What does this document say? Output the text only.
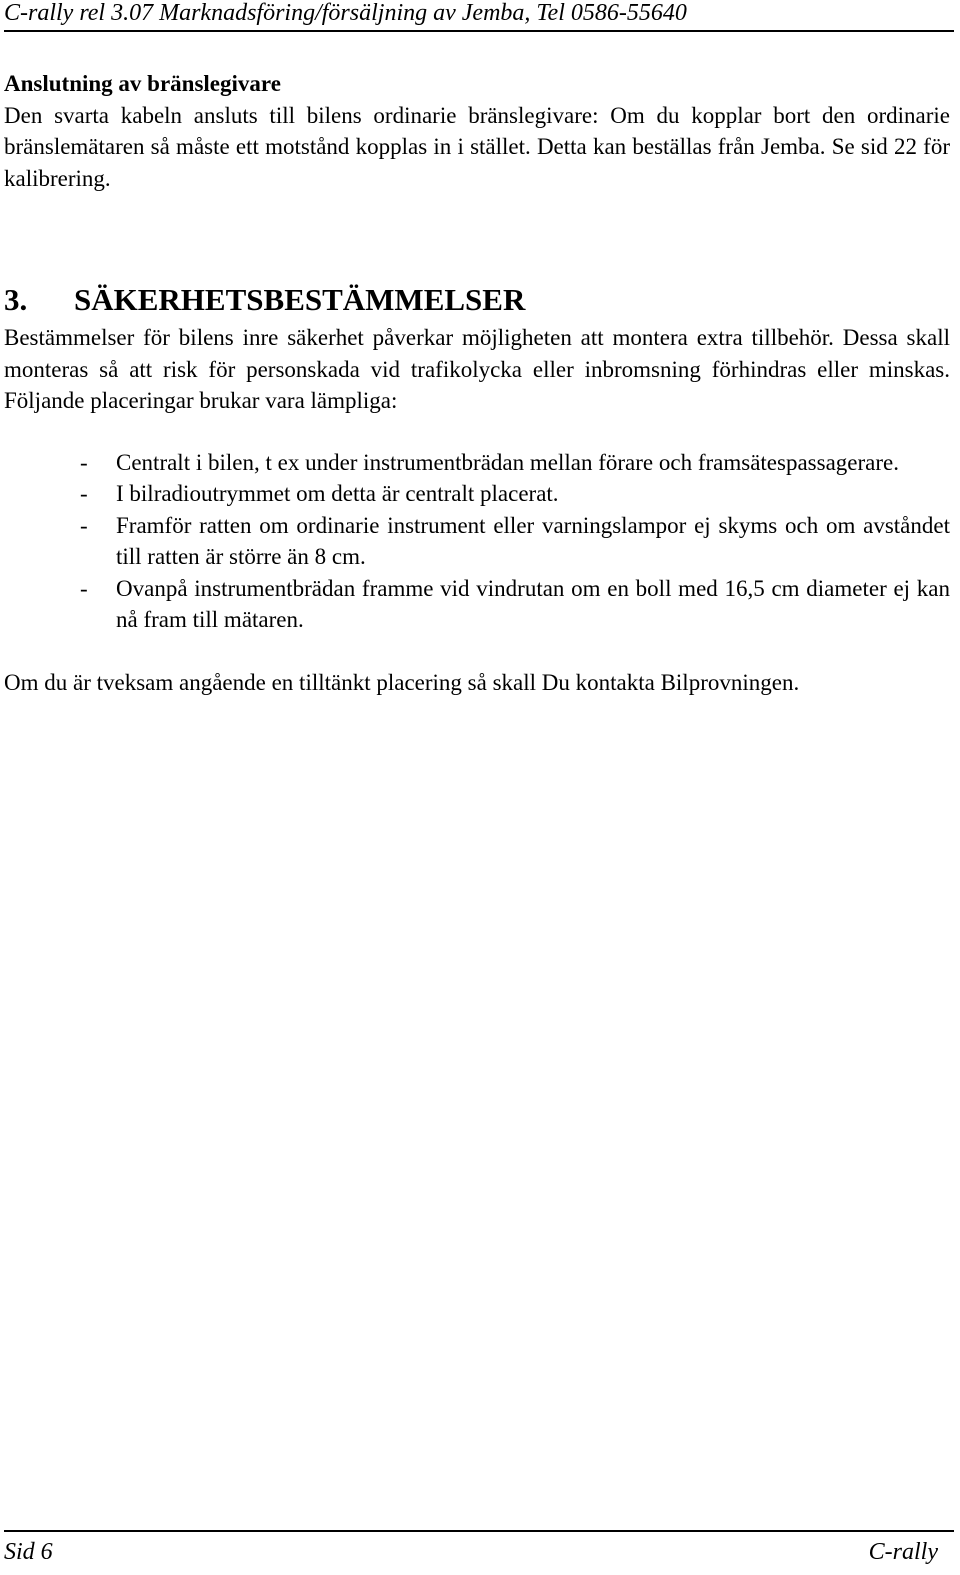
C-rally rel 3.07 Marknadsföring/försäljning av Jemba, Tel 0586-55640

Anslutning av bränslegivare

Den svarta kabeln ansluts till bilens ordinarie bränslegivare: Om du kopplar bort den ordinarie bränslemätaren så måste ett motstånd kopplas in i stället. Detta kan beställas från Jemba. Se sid 22 för kalibrering.

3. SÄKERHETSBESTÄMMELSER

Bestämmelser för bilens inre säkerhet påverkar möjligheten att montera extra tillbehör. Dessa skall monteras så att risk för personskada vid trafikolycka eller inbromsning förhindras eller minskas. Följande placeringar brukar vara lämpliga:

- Centralt i bilen, t ex under instrumentbrädan mellan förare och framsätespassagerare.
- I bilradioutrymmet om detta är centralt placerat.
- Framför ratten om ordinarie instrument eller varningslampor ej skyms och om avståndet till ratten är större än 8 cm.
- Ovanpå instrumentbrädan framme vid vindrutan om en boll med 16,5 cm diameter ej kan nå fram till mätaren.

Om du är tveksam angående en tilltänkt placering så skall Du kontakta Bilprovningen.

Sid 6	C-rally
